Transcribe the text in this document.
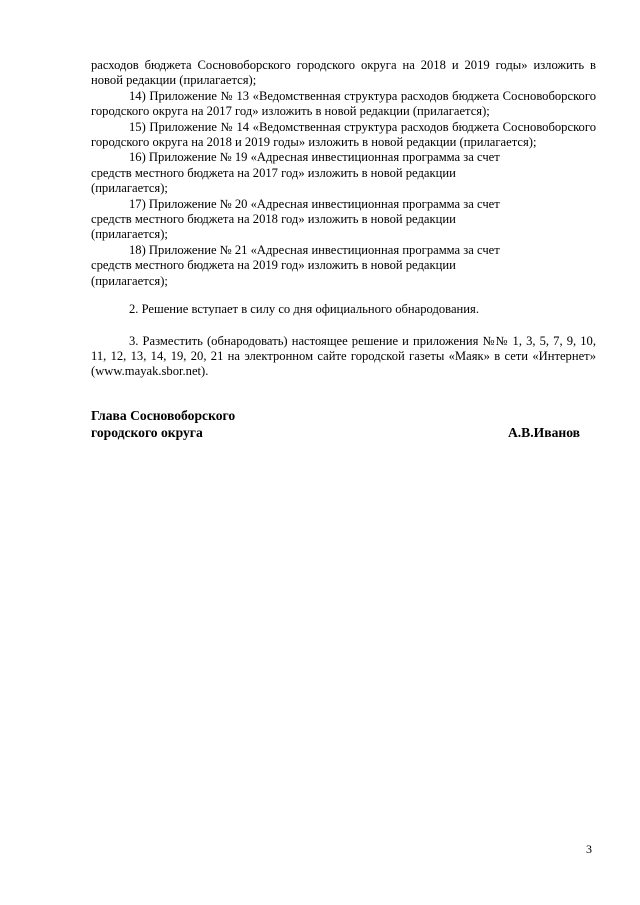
расходов бюджета Сосновоборского городского округа на 2018 и 2019 годы» изложить в новой редакции (прилагается);

14) Приложение № 13 «Ведомственная структура расходов бюджета Сосновоборского городского округа на 2017 год» изложить в новой редакции (прилагается);

15) Приложение № 14 «Ведомственная структура расходов бюджета Сосновоборского городского округа на 2018 и 2019 годы» изложить в новой редакции (прилагается);

16) Приложение № 19 «Адресная инвестиционная программа за счет средств местного бюджета на 2017 год» изложить в новой редакции (прилагается);

17) Приложение № 20 «Адресная инвестиционная программа за счет средств местного бюджета на 2018 год» изложить в новой редакции (прилагается);

18) Приложение № 21 «Адресная инвестиционная программа за счет средств местного бюджета на 2019 год» изложить в новой редакции (прилагается);

2. Решение вступает в силу со дня официального обнародования.

3. Разместить (обнародовать) настоящее решение и приложения №№ 1, 3, 5, 7, 9, 10, 11, 12, 13, 14, 19, 20, 21 на электронном сайте городской газеты «Маяк» в сети «Интернет» (www.mayak.sbor.net).

Глава Сосновоборского
городского округа	А.В.Иванов
3
